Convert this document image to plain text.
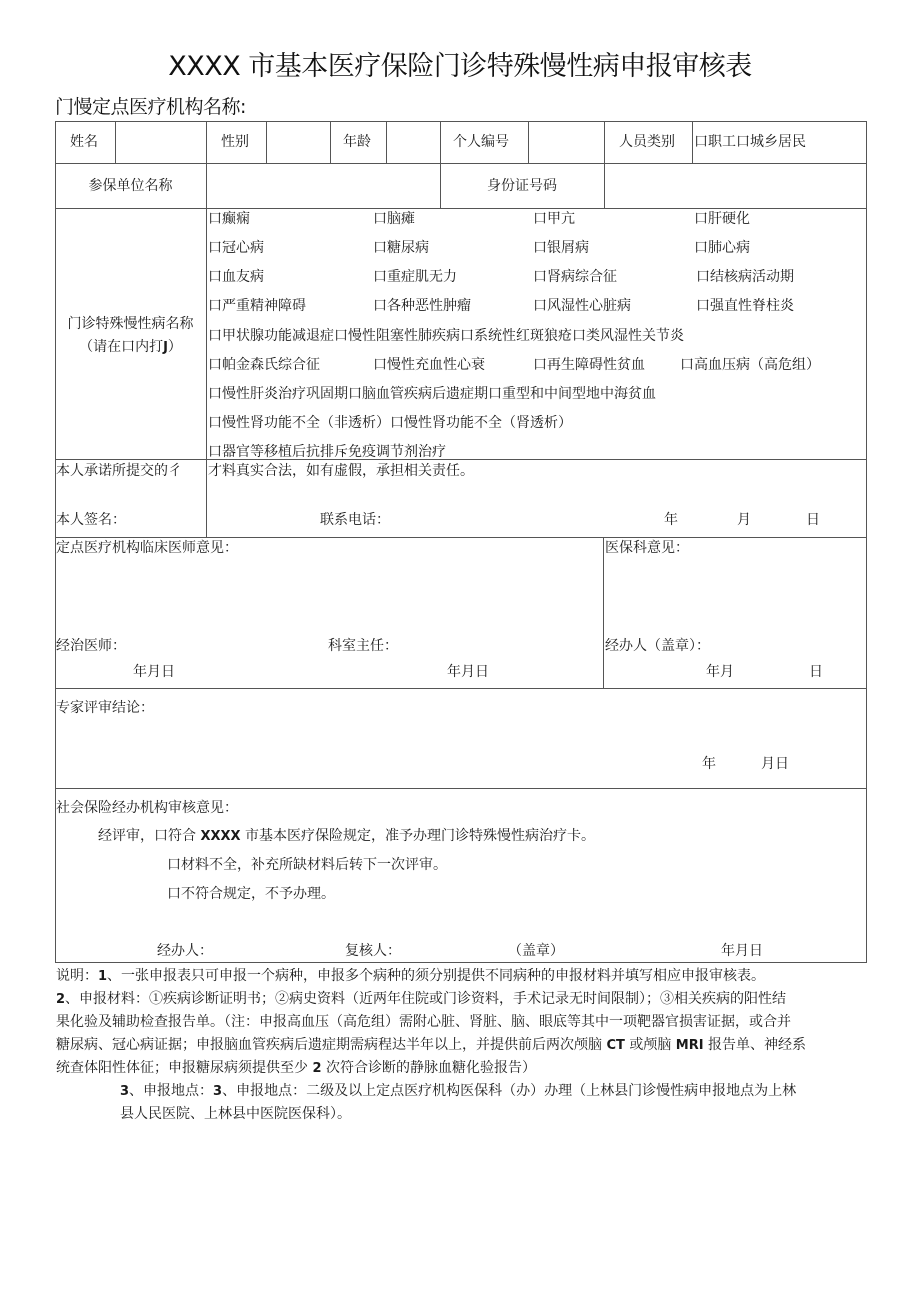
XXXX 市基本医疗保险门诊特殊慢性病申报审核表
门慢定点医疗机构名称:
姓名	性别	年龄	个人编号	人员类别 口职工口城乡居民
参保单位名称	身份证号码
门诊特殊慢性病名称
（请在口内打J）
口癫痫	口脑瘫	口甲亢	口肝硬化
口冠心病	口糖尿病	口银屑病	口肺心病
口血友病	口重症肌无力	口肾病综合征	口结核病活动期
口严重精神障碍	口各种恶性肿瘤	口风湿性心脏病	口强直性脊柱炎
口甲状腺功能减退症口慢性阻塞性肺疾病口系统性红斑狼疮口类风湿性关节炎
口帕金森氏综合征	口慢性充血性心衰	口再生障碍性贫血	口高血压病（高危组）
口慢性肝炎治疗巩固期口脑血管疾病后遗症期口重型和中间型地中海贫血
口慢性肾功能不全（非透析）口慢性肾功能不全（肾透析）
口器官等移植后抗排斥免疫调节剂治疗
本人承诺所提交的彳 才料真实合法，如有虚假，承担相关责任。
本人签名：	联系电话：	年	月	日
定点医疗机构临床医师意见：
经治医师：	科室主任：
年月日	年月日
医保科意见：
经办人（盖章）：
年月	日
专家评审结论：
年	月日
社会保险经办机构审核意见：
经评审，口符合 XXXX 市基本医疗保险规定，准予办理门诊特殊慢性病治疗卡。
口材料不全，补充所缺材料后转下一次评审。
口不符合规定，不予办理。
经办人：	复核人：	（盖章）	年月日
说明：1、一张申报表只可申报一个病种，申报多个病种的须分别提供不同病种的申报材料并填写相应申报审核表。
2、申报材料：①疾病诊断证明书；②病史资料（近两年住院或门诊资料，手术记录无时间限制）；③相关疾病的阳性结
果化验及辅助检查报告单。（注：申报高血压（高危组）需附心脏、肾脏、脑、眼底等其中一项靶器官损害证据，或合并
糖尿病、冠心病证据；申报脑血管疾病后遗症期需病程达半年以上，并提供前后两次颅脑 CT 或颅脑 MRI 报告单、神经系
统查体阳性体征；申报糖尿病须提供至少 2 次符合诊断的静脉血糖化验报告）
3、申报地点：3、申报地点：二级及以上定点医疗机构医保科（办）办理（上林县门诊慢性病申报地点为上林
县人民医院、上林县中医院医保科）。
